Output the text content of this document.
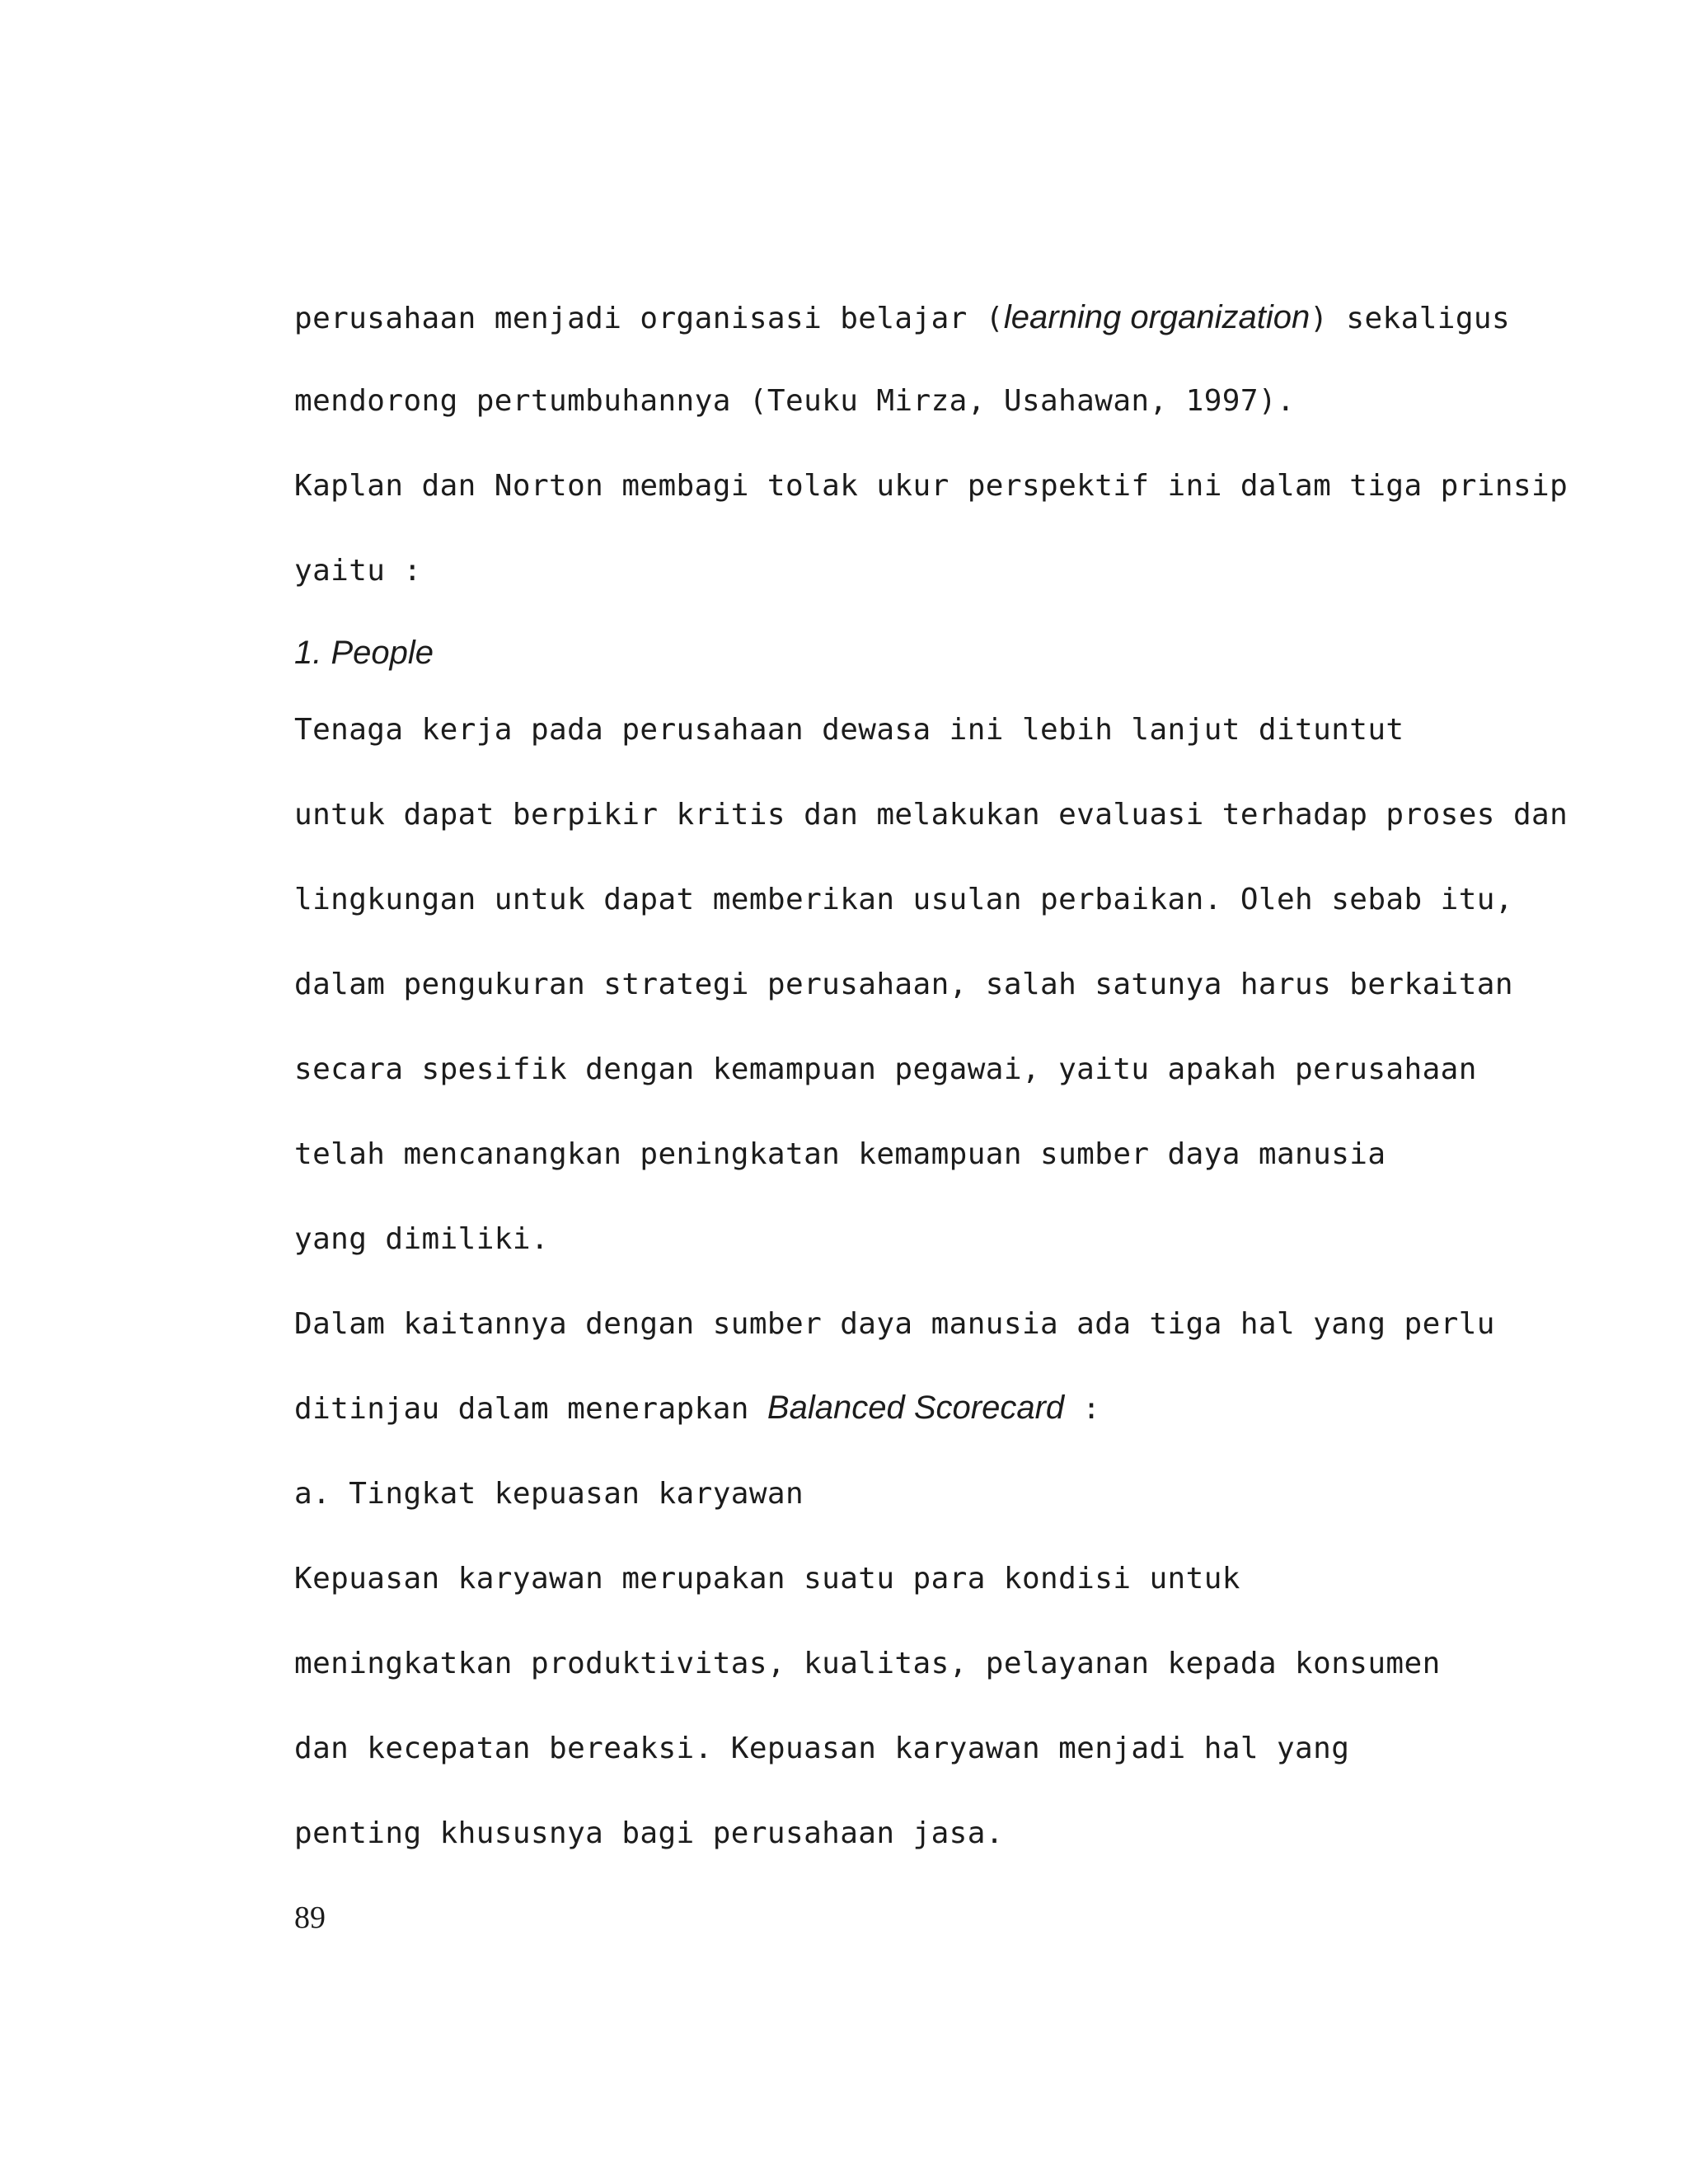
perusahaan menjadi organisasi belajar (learning organization) sekaligus
mendorong pertumbuhannya (Teuku Mirza, Usahawan, 1997).
Kaplan dan Norton membagi tolak ukur perspektif ini dalam tiga prinsip
yaitu :
1. People
Tenaga kerja pada perusahaan dewasa ini lebih lanjut dituntut
untuk dapat berpikir kritis dan melakukan evaluasi terhadap proses dan
lingkungan untuk dapat memberikan usulan perbaikan. Oleh sebab itu,
dalam pengukuran strategi perusahaan, salah satunya harus berkaitan
secara spesifik dengan kemampuan pegawai, yaitu apakah perusahaan
telah mencanangkan peningkatan kemampuan sumber daya manusia
yang dimiliki.
Dalam kaitannya dengan sumber daya manusia ada tiga hal yang perlu
ditinjau dalam menerapkan Balanced Scorecard :
a. Tingkat kepuasan karyawan
Kepuasan karyawan merupakan suatu para kondisi untuk
meningkatkan produktivitas, kualitas, pelayanan kepada konsumen
dan kecepatan bereaksi. Kepuasan karyawan menjadi hal yang
penting khususnya bagi perusahaan jasa.
89
